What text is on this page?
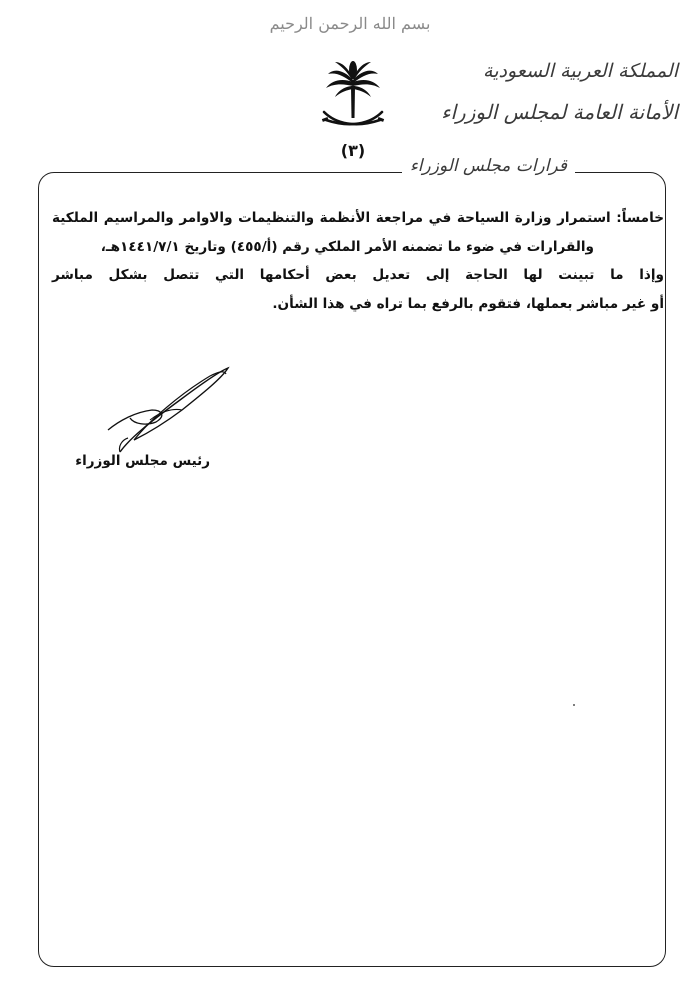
بسم الله الرحمن الرحيم
(٣)
المملكة العربية السعودية
الأمانة العامة لمجلس الوزراء
قرارات مجلس الوزراء
خامساً: استمرار وزارة السياحة في مراجعة الأنظمة والتنظيمات والاوامر والمراسيم الملكية
والقرارات في ضوء ما تضمنه الأمر الملكي رقم (أ/٤٥٥) وتاريخ ١٤٤١/٧/١هـ،
وإذا ما تبينت لها الحاجة إلى تعديل بعض أحكامها التي تتصل بشكل مباشر
أو غير مباشر بعملها، فتقوم بالرفع بما تراه في هذا الشأن.
رئيس مجلس الوزراء
